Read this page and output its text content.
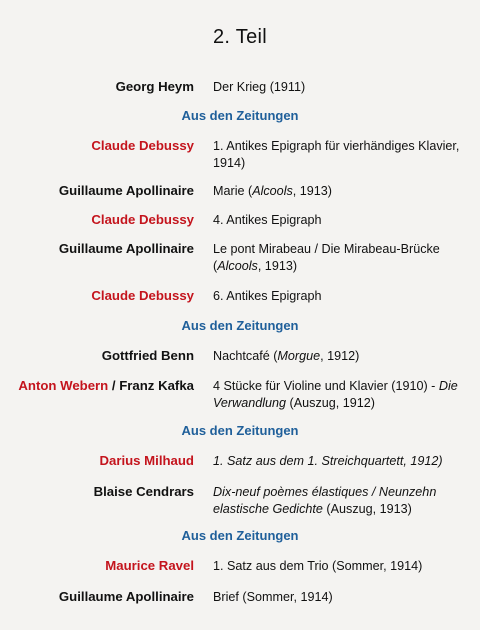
2. Teil
Georg Heym Der Krieg (1911)
Aus den Zeitungen
Claude Debussy 1. Antikes Epigraph für vierhändiges Klavier, 1914)
Guillaume Apollinaire Marie (Alcools, 1913)
Claude Debussy 4. Antikes Epigraph
Guillaume Apollinaire Le pont Mirabeau / Die Mirabeau-Brücke (Alcools, 1913)
Claude Debussy 6. Antikes Epigraph
Aus den Zeitungen
Gottfried Benn Nachtcafé (Morgue, 1912)
Anton Webern / Franz Kafka 4 Stücke für Violine und Klavier (1910) - Die Verwandlung (Auszug, 1912)
Aus den Zeitungen
Darius Milhaud 1. Satz aus dem 1. Streichquartett, 1912)
Blaise Cendrars Dix-neuf poèmes élastiques / Neunzehn elastische Gedichte (Auszug, 1913)
Aus den Zeitungen
Maurice Ravel 1. Satz aus dem Trio (Sommer, 1914)
Guillaume Apollinaire Brief (Sommer, 1914)
